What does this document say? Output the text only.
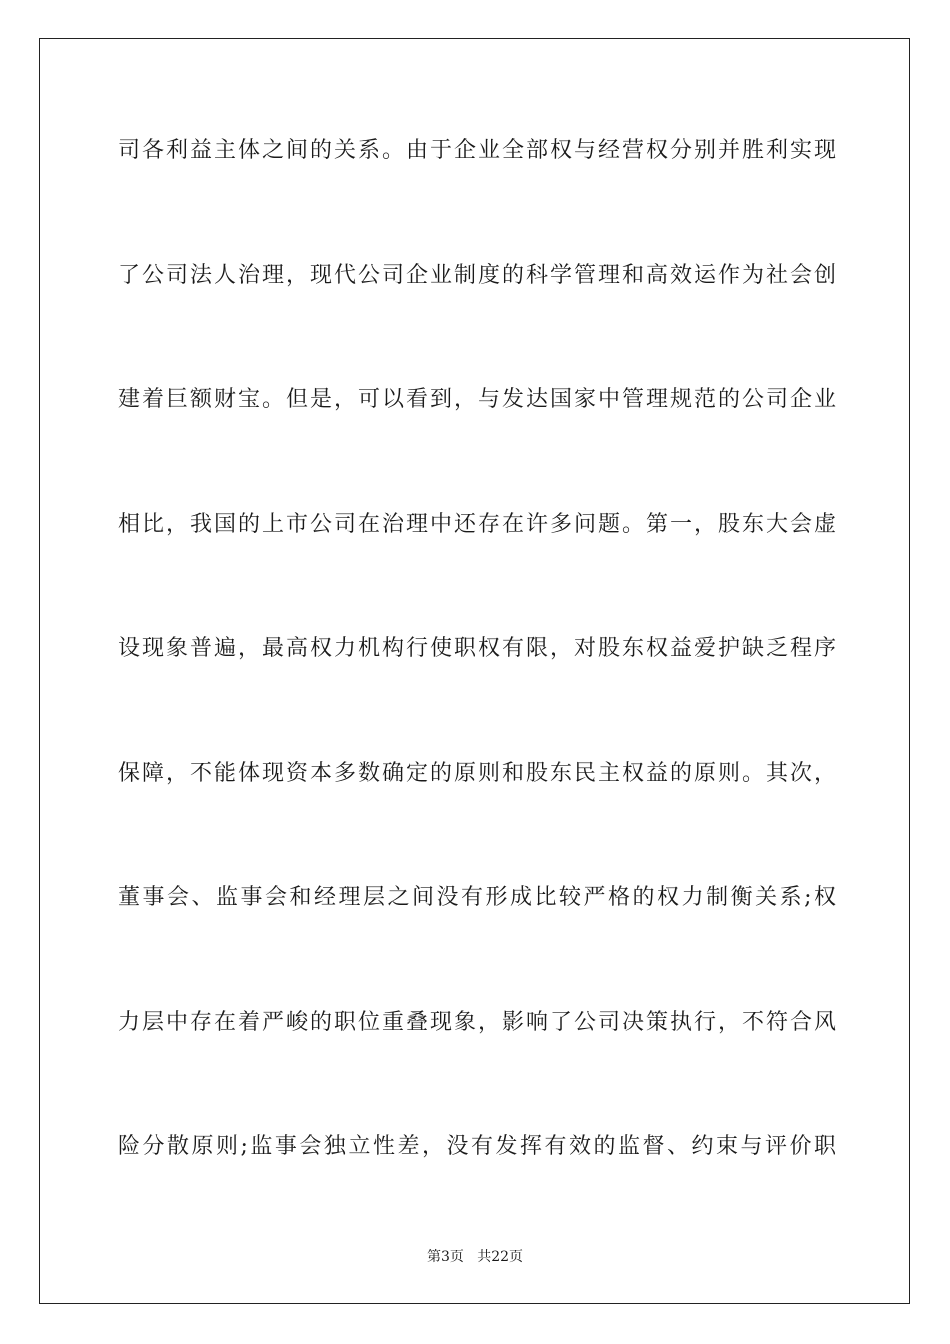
司各利益主体之间的关系。由于企业全部权与经营权分别并胜利实现
了公司法人治理，现代公司企业制度的科学管理和高效运作为社会创
建着巨额财宝。但是，可以看到，与发达国家中管理规范的公司企业
相比，我国的上市公司在治理中还存在许多问题。第一，股东大会虚
设现象普遍，最高权力机构行使职权有限，对股东权益爱护缺乏程序
保障，不能体现资本多数确定的原则和股东民主权益的原则。其次，
董事会、监事会和经理层之间没有形成比较严格的权力制衡关系;权
力层中存在着严峻的职位重叠现象，影响了公司决策执行，不符合风
险分散原则;监事会独立性差，没有发挥有效的监督、约束与评价职
第3页 共22页
